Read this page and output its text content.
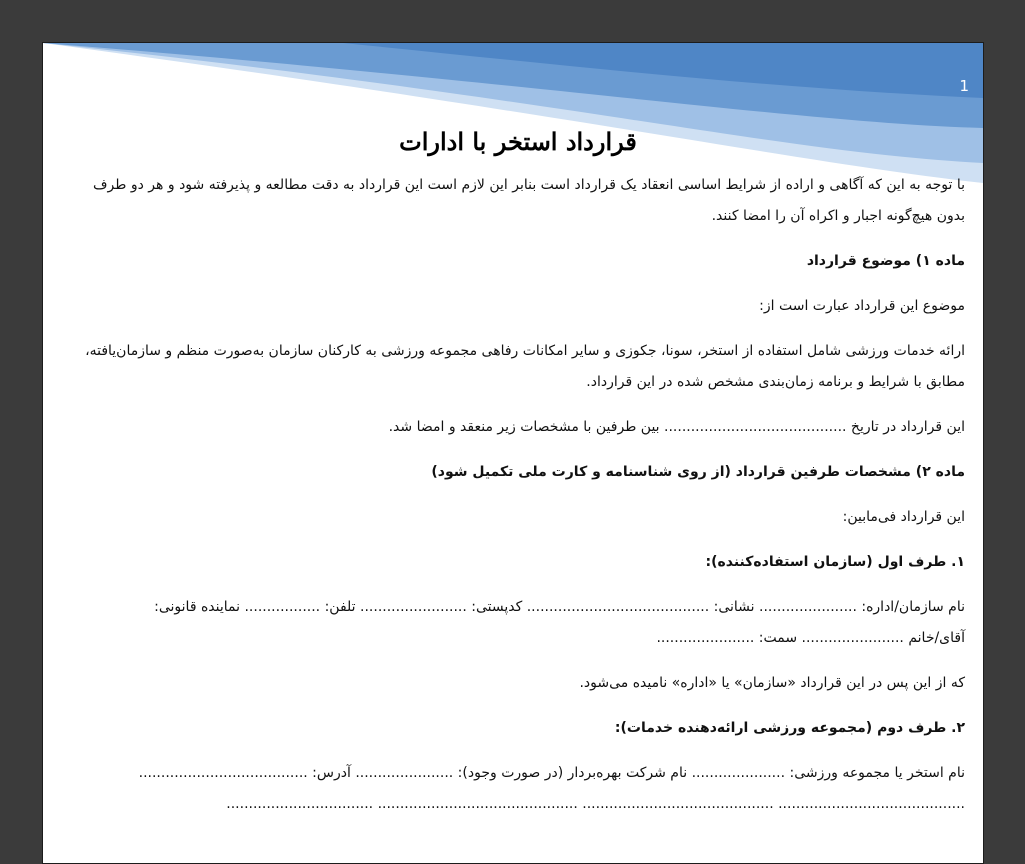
1
قرارداد استخر با ادارات

با توجه به این که آگاهی و اراده از شرایط اساسی انعقاد یک قرارداد است بنابر این لازم است این قرارداد به دقت مطالعه و پذیرفته شود و هر دو طرف

بدون هیچ‌گونه اجبار و اکراه آن را امضا کنند.

ماده ۱) موضوع قرارداد

موضوع این قرارداد عبارت است از:

ارائه خدمات ورزشی شامل استفاده از استخر، سونا، جکوزی و سایر امکانات رفاهی مجموعه ورزشی به کارکنان سازمان به‌صورت منظم و سازمان‌یافته،

مطابق با شرایط و برنامه زمان‌بندی مشخص شده در این قرارداد.

این قرارداد در تاریخ ......................................... بین طرفین با مشخصات زیر منعقد و امضا شد.

ماده ۲) مشخصات طرفین قرارداد (از روی شناسنامه و کارت ملی تکمیل شود)

این قرارداد فی‌مابین:

۱. طرف اول (سازمان استفاده‌کننده):

نام سازمان/اداره: ...................... نشانی: ......................................... کدپستی: ........................ تلفن: ................. نماینده قانونی:

آقای/خانم ....................... سمت: ......................

که از این پس در این قرارداد «سازمان» یا «اداره» نامیده می‌شود.

۲. طرف دوم (مجموعه ورزشی ارائه‌دهنده خدمات):

نام استخر یا مجموعه ورزشی: ..................... نام شرکت بهره‌بردار (در صورت وجود): ...................... آدرس: ......................................

.......................................... ........................................... ............................................. .................................
